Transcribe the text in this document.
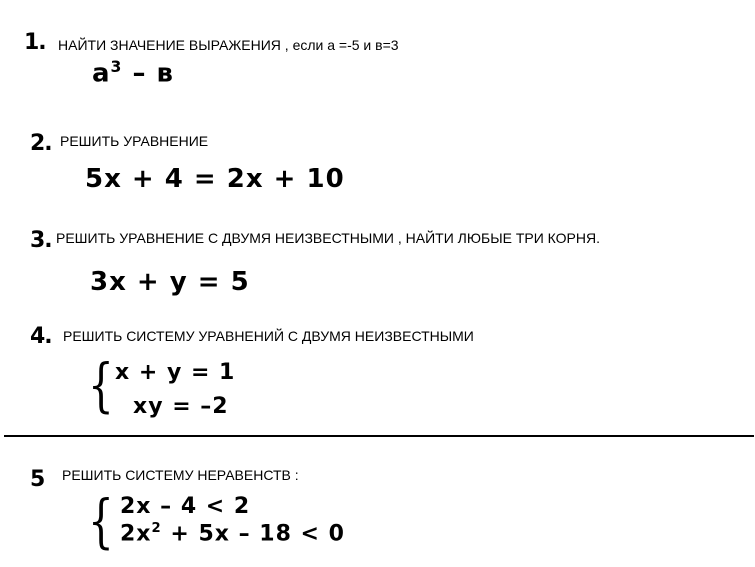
1. НАЙТИ ЗНАЧЕНИЕ ВЫРАЖЕНИЯ , если а =-5 и в=3
$a^3$ – в
2. РЕШИТЬ УРАВНЕНИЕ
5x + 4 = 2x + 10
3. РЕШИТЬ УРАВНЕНИЕ С ДВУМЯ НЕИЗВЕСТНЫМИ , НАЙТИ ЛЮБЫЕ ТРИ КОРНЯ.
3x + y = 5
4. РЕШИТЬ СИСТЕМУ УРАВНЕНИЙ С ДВУМЯ НЕИЗВЕСТНЫМИ
{ x + y = 1
xy = –2
5 РЕШИТЬ СИСТЕМУ НЕРАВЕНСТВ :
{ 2x – 4 < 2
$2x^2 + 5x - 18 < 0$
